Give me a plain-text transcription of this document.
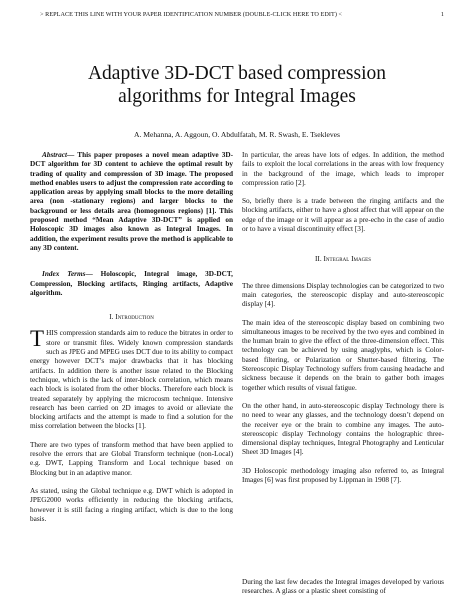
> REPLACE THIS LINE WITH YOUR PAPER IDENTIFICATION NUMBER (DOUBLE-CLICK HERE TO EDIT) <	1
Adaptive 3D-DCT based compression
algorithms for Integral Images
A. Mehanna, A. Aggoun, O. Abdulfatah, M. R. Swash, E. Tsekleves

Abstract— This paper proposes a novel mean adaptive 3D-DCT algorithm for 3D content to achieve the optimal result by trading of quality and compression of 3D image. The proposed method enables users to adjust the compression rate according to application areas by applying small blocks to the more detailing area (non -stationary regions) and larger blocks to the background or less details area (homogenous regions) [1]. This proposed method “Mean Adaptive 3D-DCT” is applied on Holoscopic 3D images also known as Integral Images. In addition, the experiment results prove the method is applicable to any 3D content.

Index Terms— Holoscopic, Integral image, 3D-DCT, Compression, Blocking artifacts, Ringing artifacts, Adaptive algorithm.

I. Introduction

THIS compression standards aim to reduce the bitrates in order to store or transmit files. Widely known compression standards such as JPEG and MPEG uses DCT due to its ability to compact energy however DCT’s major drawbacks that it has blocking artifacts. In addition there is another issue related to the Blocking technique, which is the lack of inter-block correlation, which means each block is isolated from the other blocks. Therefore each block is treated separately by applying the microcosm technique. Intensive research has been carried on 2D images to avoid or alleviate the blocking artifacts and the attempt is made to find a solution for the miss correlation between the blocks [1].

There are two types of transform method that have been applied to resolve the errors that are Global Transform technique (non-Local) e.g. DWT, Lapping Transform and Local technique based on Blocking but in an adaptive manor.

As stated, using the Global technique e.g. DWT which is adopted in JPEG2000 works efficiently in reducing the blocking artifacts, however it is still facing a ringing artifact, which is due to the long basis.

In particular, the areas have lots of edges. In addition, the method fails to exploit the local correlations in the areas with low frequency in the background of the image, which leads to improper compression ratio [2].

So, briefly there is a trade between the ringing artifacts and the blocking artifacts, either to have a ghost affect that will appear on the edge of the image or it will appear as a pre-echo in the case of audio or to have a visual discontinuity effect [3].

II. Integral Images

The three dimensions Display technologies can be categorized to two main categories, the stereoscopic display and auto-stereoscopic display [4].

The main idea of the stereoscopic display based on combining two simultaneous images to be received by the two eyes and combined in the human brain to give the effect of the three-dimension effect. This technology can be achieved by using anaglyphs, which is Color-based filtering, or Polarization or Shutter-based filtering. The Stereoscopic Display Technology suffers from causing headache and sickness because it depends on the brain to gather both images together which results of visual fatigue.

On the other hand, in auto-stereoscopic display Technology there is no need to wear any glasses, and the technology doesn’t depend on the receiver eye or the brain to combine any images. The auto-stereoscopic display Technology contains the holographic three- dimensional display techniques, Integral Photography and Lenticular Sheet 3D Images [4].

3D Holoscopic methodology imaging also referred to, as Integral Images [6] was first proposed by Lippman in 1908 [7].

During the last few decades the Integral images developed by various researches. A glass or a plastic sheet consisting of
